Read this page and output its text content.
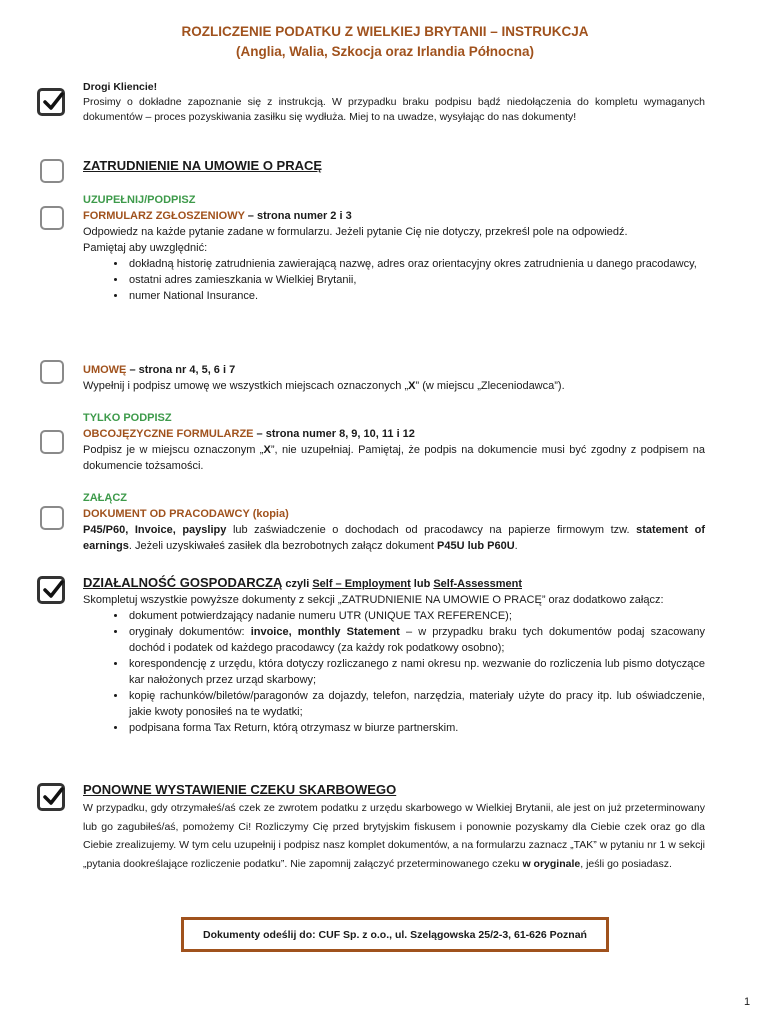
ROZLICZENIE PODATKU Z WIELKIEJ BRYTANII – INSTRUKCJA
(Anglia, Walia, Szkocja oraz Irlandia Północna)
Drogi Kliencie!
Prosimy o dokładne zapoznanie się z instrukcją. W przypadku braku podpisu bądź niedołączenia do kompletu wymaganych dokumentów – proces pozyskiwania zasiłku się wydłuża. Miej to na uwadze, wysyłając do nas dokumenty!
ZATRUDNIENIE NA UMOWIE O PRACĘ
UZUPEŁNIJ/PODPISZ
FORMULARZ ZGŁOSZENIOWY – strona numer 2 i 3
Odpowiedz na każde pytanie zadane w formularzu. Jeżeli pytanie Cię nie dotyczy, przekreśl pole na odpowiedź.
Pamiętaj aby uwzględnić:
• dokładną historię zatrudnienia zawierającą nazwę, adres oraz orientacyjny okres zatrudnienia u danego pracodawcy,
• ostatni adres zamieszkania w Wielkiej Brytanii,
• numer National Insurance.
UMOWĘ – strona nr 4, 5, 6 i 7
Wypełnij i podpisz umowę we wszystkich miejscach oznaczonych „X” (w miejscu „Zleceniodawca”).
TYLKO PODPISZ
OBCOJĘZYCZNE FORMULARZE – strona numer 8, 9, 10, 11 i 12
Podpisz je w miejscu oznaczonym „X”, nie uzupełniaj. Pamiętaj, że podpis na dokumencie musi być zgodny z podpisem na dokumencie tożsamości.
ZAŁĄCZ
DOKUMENT OD PRACODAWCY (kopia)
P45/P60, Invoice, payslipy lub zaświadczenie o dochodach od pracodawcy na papierze firmowym tzw. statement of earnings. Jeżeli uzyskiwałeś zasiłek dla bezrobotnych załącz dokument P45U lub P60U.
DZIAŁALNOŚĆ GOSPODARCZĄ czyli Self – Employment lub Self-Assessment
Skompletuj wszystkie powyższe dokumenty z sekcji „ZATRUDNIENIE NA UMOWIE O PRACĘ” oraz dodatkowo załącz:
• dokument potwierdzający nadanie numeru UTR (UNIQUE TAX REFERENCE);
• oryginały dokumentów: invoice, monthly Statement – w przypadku braku tych dokumentów podaj szacowany dochód i podatek od każdego pracodawcy (za każdy rok podatkowy osobno);
• korespondencję z urzędu, która dotyczy rozliczanego z nami okresu np. wezwanie do rozliczenia lub pismo dotyczące kar nałożonych przez urząd skarbowy;
• kopię rachunków/biletów/paragonów za dojazdy, telefon, narzędzia, materiały użyte do pracy itp. lub oświadczenie, jakie kwoty ponosiłeś na te wydatki;
• podpisana forma Tax Return, którą otrzymasz w biurze partnerskim.
PONOWNE WYSTAWIENIE CZEKU SKARBOWEGO
W przypadku, gdy otrzymałeś/aś czek ze zwrotem podatku z urzędu skarbowego w Wielkiej Brytanii, ale jest on już przeterminowany lub go zagubiłeś/aś, pomożemy Ci! Rozliczymy Cię przed brytyjskim fiskusem i ponownie pozyskamy dla Ciebie czek oraz go dla Ciebie zrealizujemy. W tym celu uzupełnij i podpisz nasz komplet dokumentów, a na formularzu zaznacz „TAK” w pytaniu nr 1 w sekcji „pytania dookreślające rozliczenie podatku”. Nie zapomnij załączyć przeterminowanego czeku w oryginale, jeśli go posiadasz.
Dokumenty odeślij do: CUF Sp. z o.o., ul. Szelągowska 25/2-3, 61-626 Poznań
1
